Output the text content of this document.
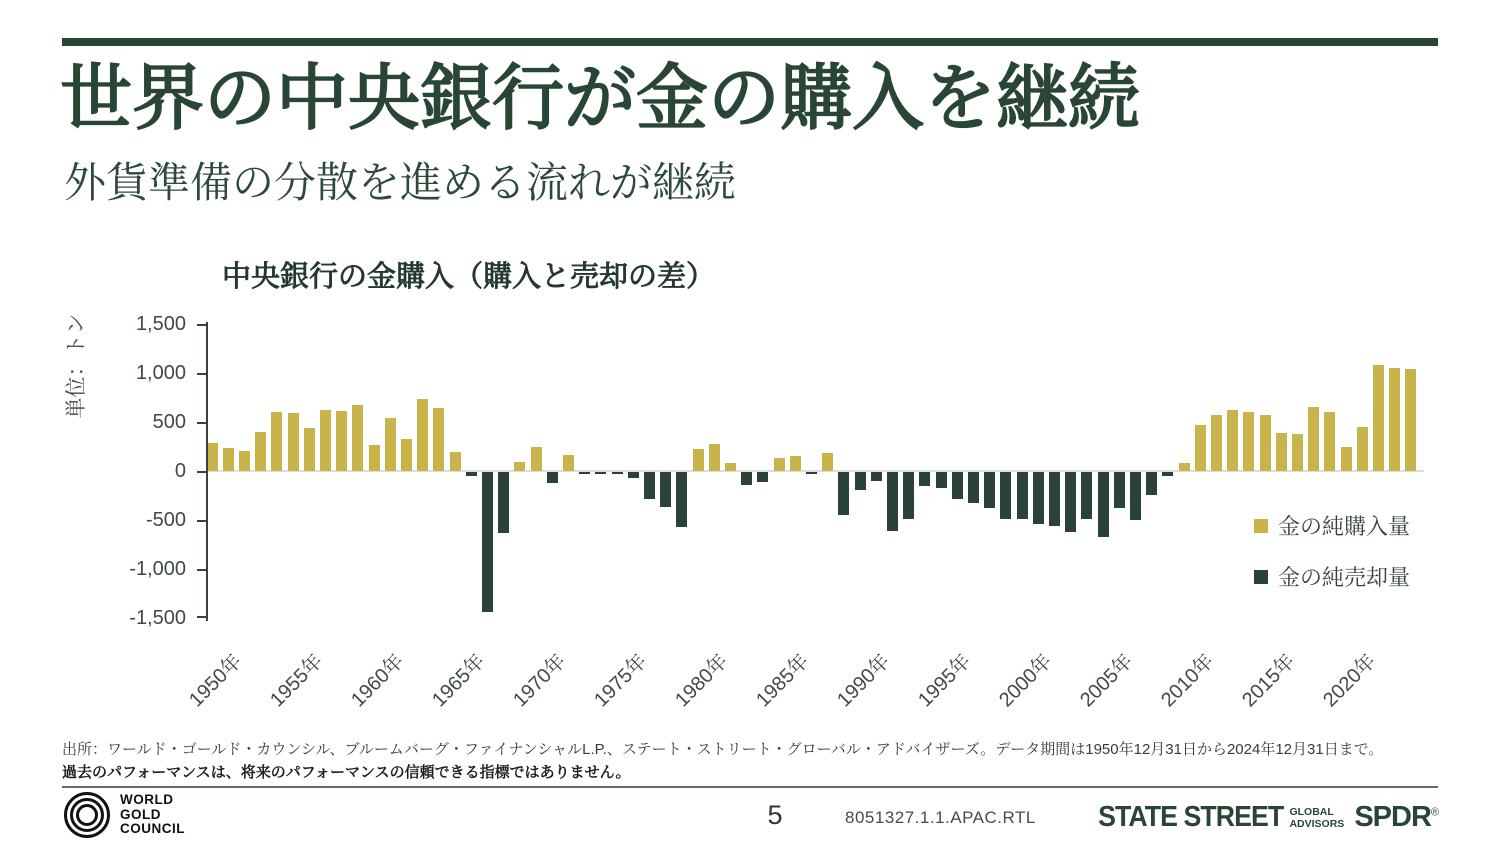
世界の中央銀行が金の購入を継続
外貨準備の分散を進める流れが継続
中央銀行の金購入（購入と売却の差）
単位：トン	1,500
1,000
500
0
-500
-1,000
-1,500
1950年 1955年 1960年 1965年 1970年 1975年 1980年 1985年 1990年 1995年 2000年 2005年 2010年 2015年 2020年
金の純購入量
金の純売却量
出所：ワールド・ゴールド・カウンシル、ブルームバーグ・ファイナンシャルL.P.、ステート・ストリート・グローバル・アドバイザーズ。データ期間は1950年12月31日から2024年12月31日まで。
過去のパフォーマンスは、将来のパフォーマンスの信頼できる指標ではありません。
WORLD
GOLD
COUNCIL	5	8051327.1.1.APAC.RTL STATE STREET GLOBAL
ADVISORS SPDR®
